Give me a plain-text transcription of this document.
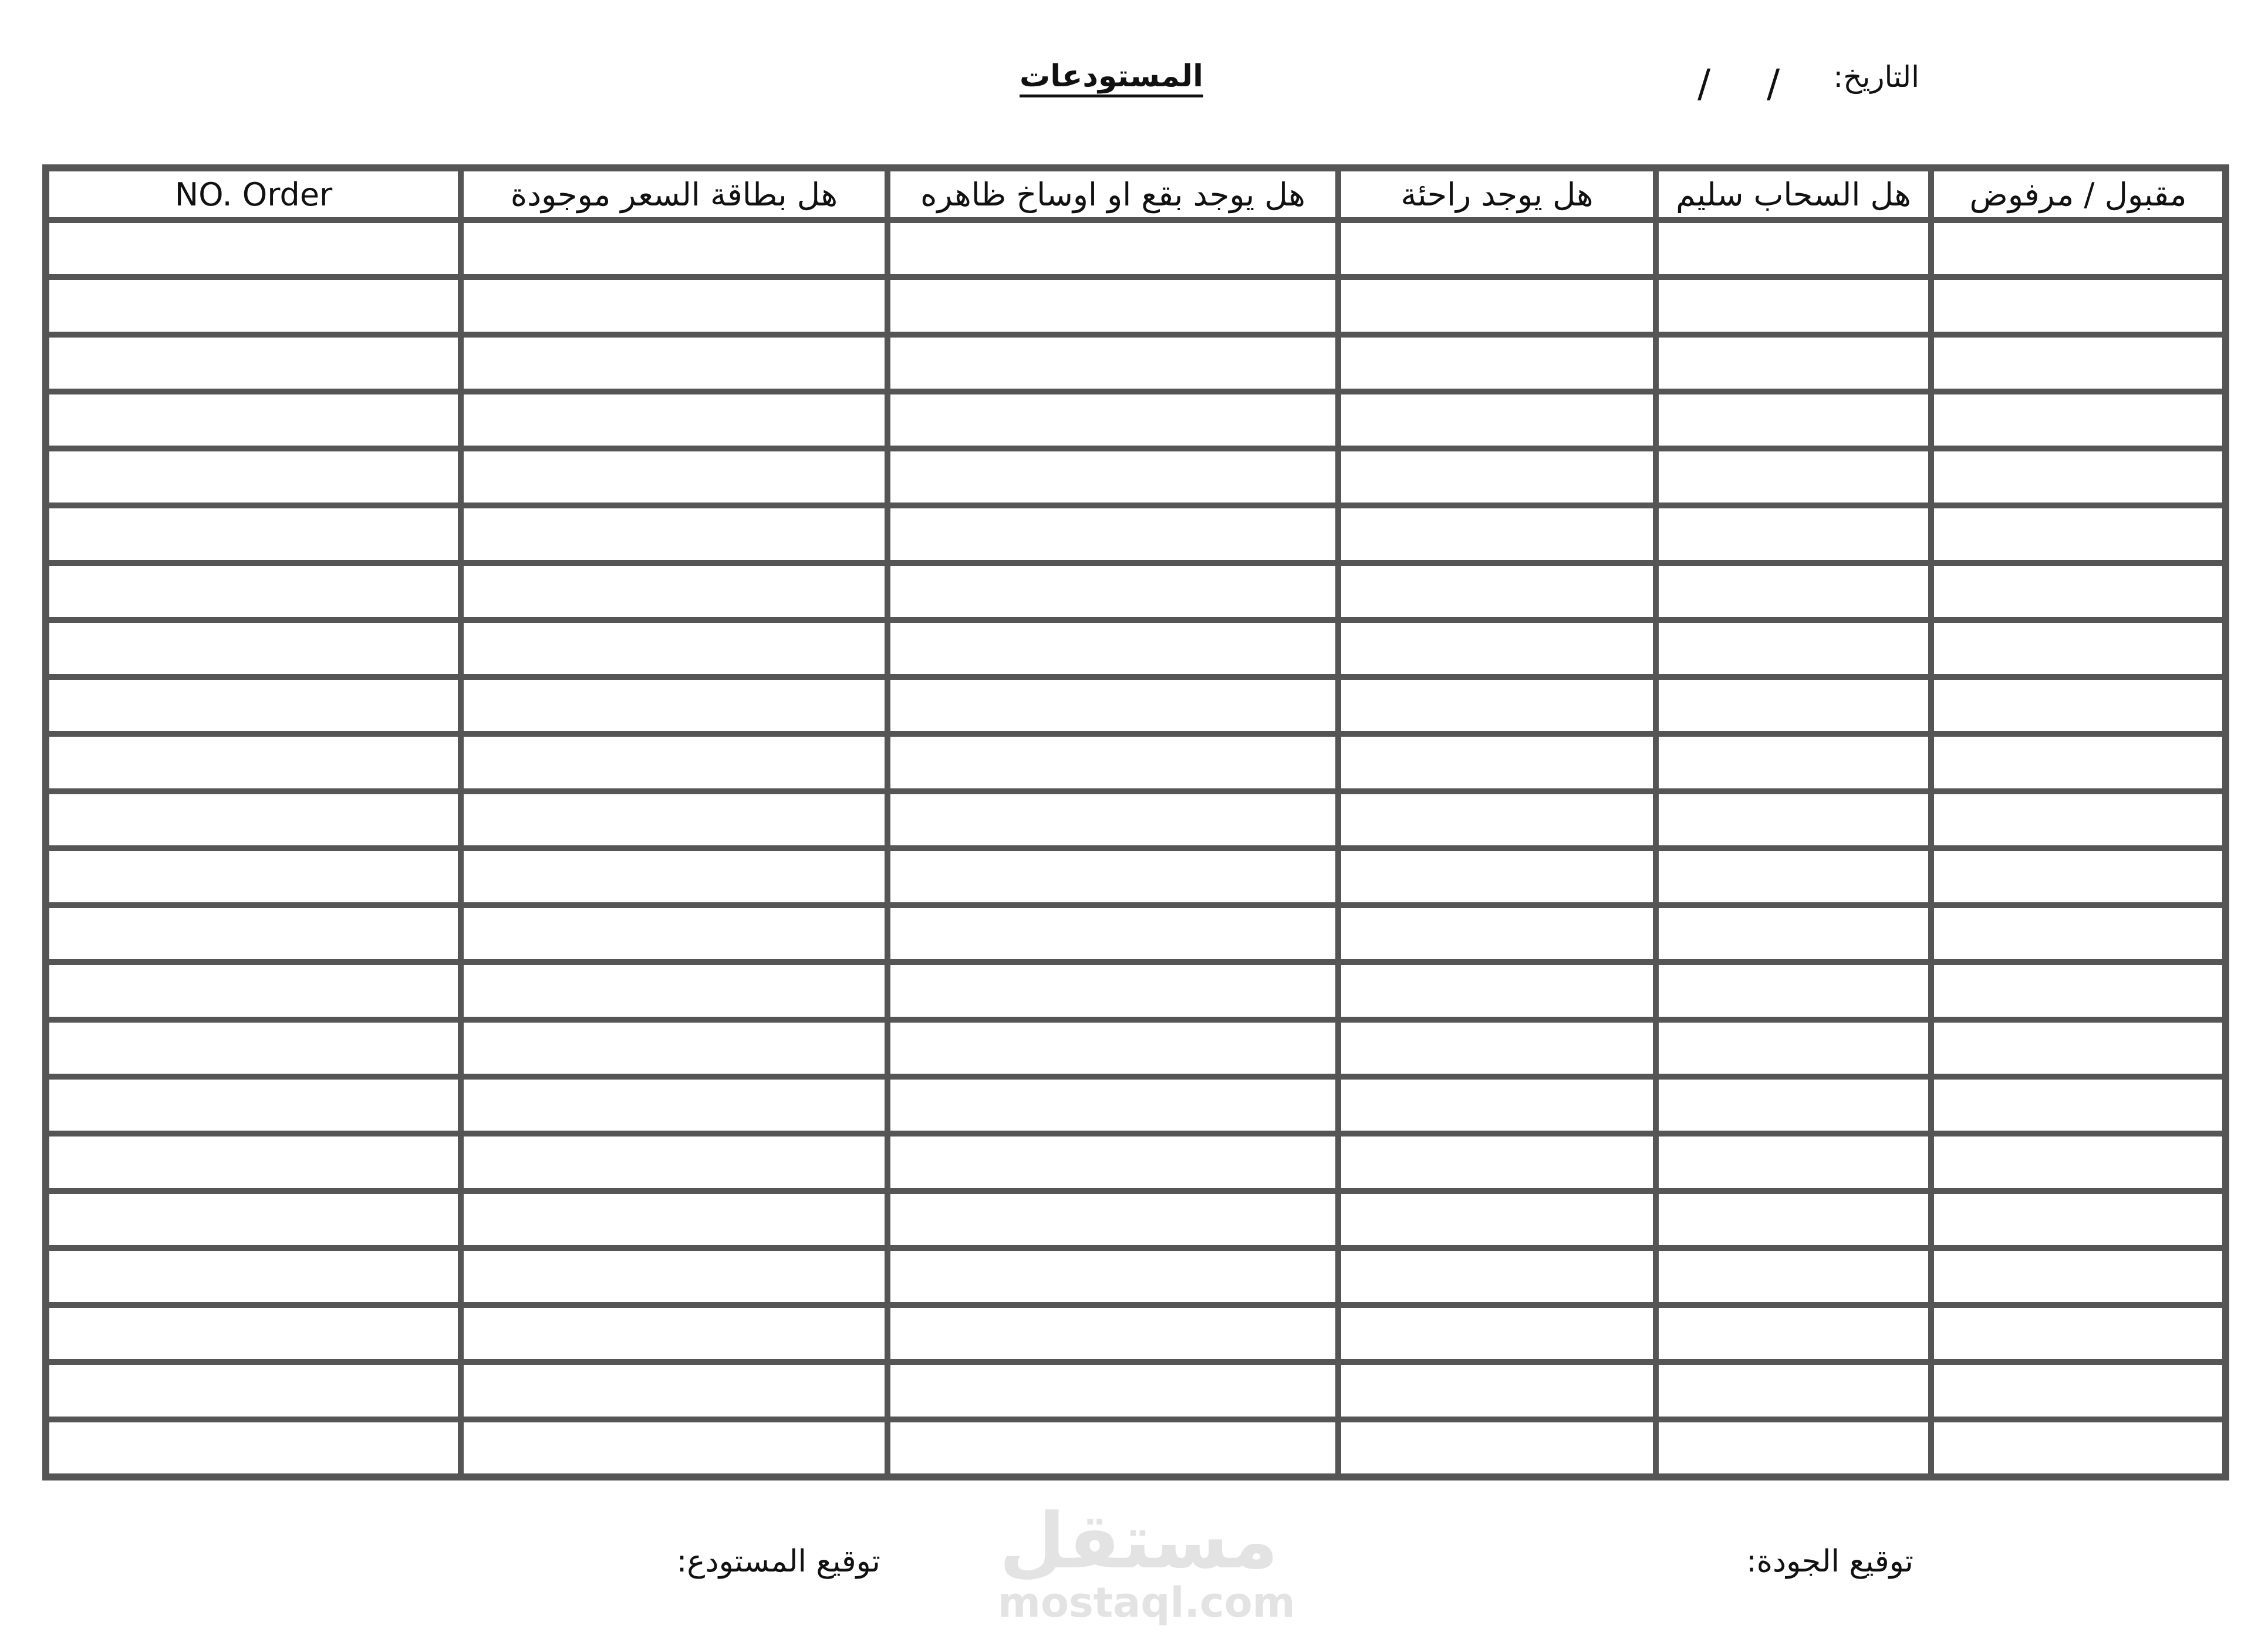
المستودعات	التاريخ:
/
/
NO. Order	هل بطاقة السعر موجودة	هل يوجد بقع او اوساخ ظاهره	هل يوجد راحئة	هل السحاب سليم	مقبول / مرفوض

توقيع الجودة:
توقيع المستودع: مستقل
mostaql.com
